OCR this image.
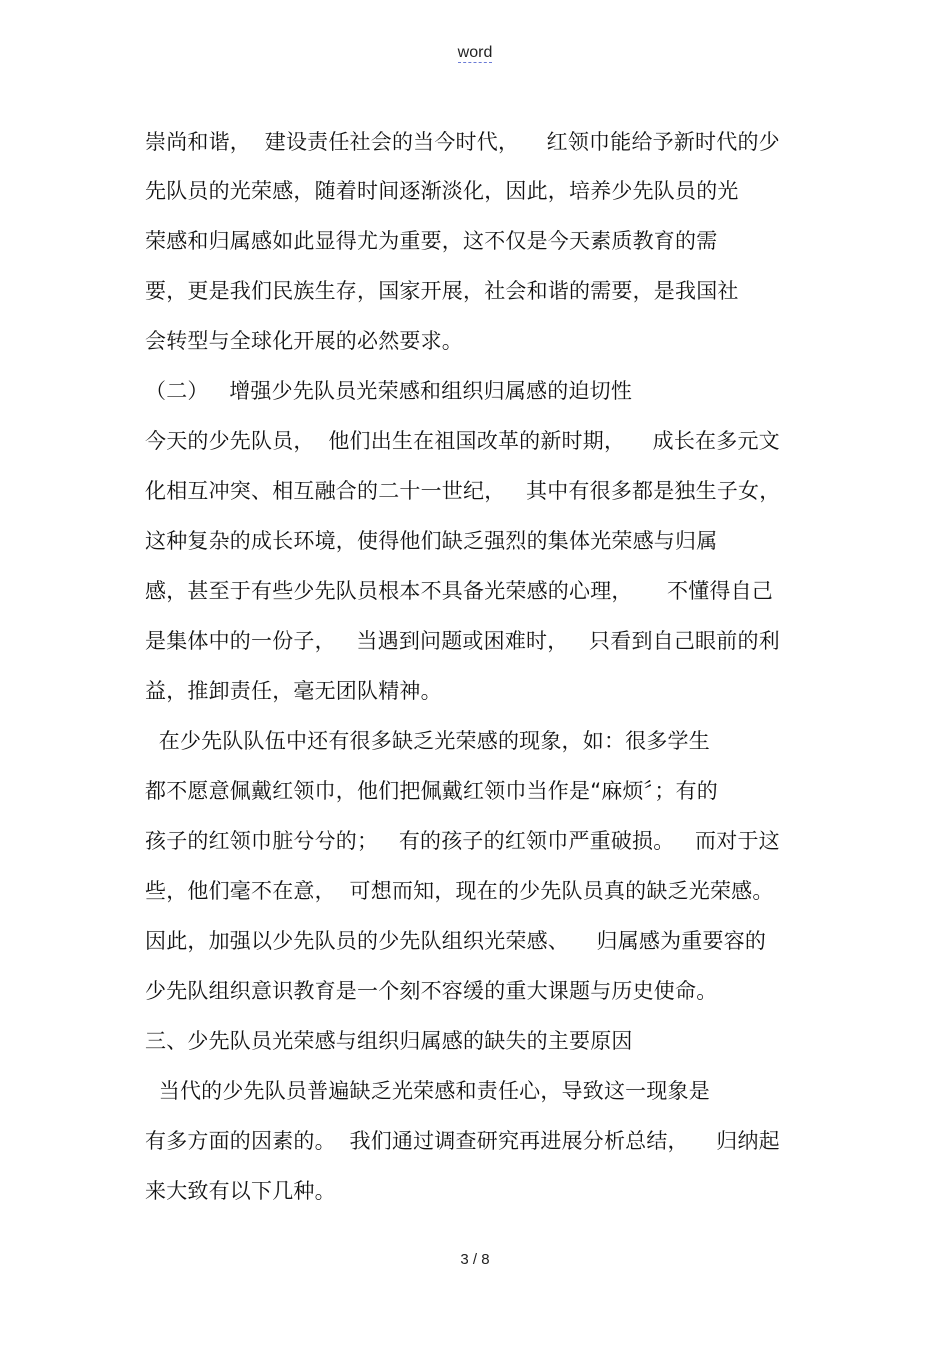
word
崇尚和谐，  建设责任社会的当今时代，    红领巾能给予新时代的少
先队员的光荣感，随着时间逐渐淡化，因此，培养少先队员的光
荣感和归属感如此显得尤为重要，这不仅是今天素质教育的需
要，更是我们民族生存，国家开展，社会和谐的需要，是我国社
会转型与全球化开展的必然要求。
（二）   增强少先队员光荣感和组织归属感的迫切性
今天的少先队员，  他们出生在祖国改革的新时期，    成长在多元文
化相互冲突、相互融合的二十一世纪，   其中有很多都是独生子女，
这种复杂的成长环境，使得他们缺乏强烈的集体光荣感与归属
感，甚至于有些少先队员根本不具备光荣感的心理，     不懂得自己
是集体中的一份子，   当遇到问题或困难时，   只看到自己眼前的利
益，推卸责任，毫无团队精神。
在少先队队伍中还有很多缺乏光荣感的现象，如：很多学生
都不愿意佩戴红领巾，他们把佩戴红领巾当作是“麻烦〞；有的
孩子的红领巾脏兮兮的；   有的孩子的红领巾严重破损。   而对于这
些，他们毫不在意，  可想而知，现在的少先队员真的缺乏光荣感。
因此，加强以少先队员的少先队组织光荣感、    归属感为重要容的
少先队组织意识教育是一个刻不容缓的重大课题与历史使命。
三、少先队员光荣感与组织归属感的缺失的主要原因
当代的少先队员普遍缺乏光荣感和责任心，导致这一现象是
有多方面的因素的。  我们通过调查研究再进展分析总结，    归纳起
来大致有以下几种。
3 / 8
